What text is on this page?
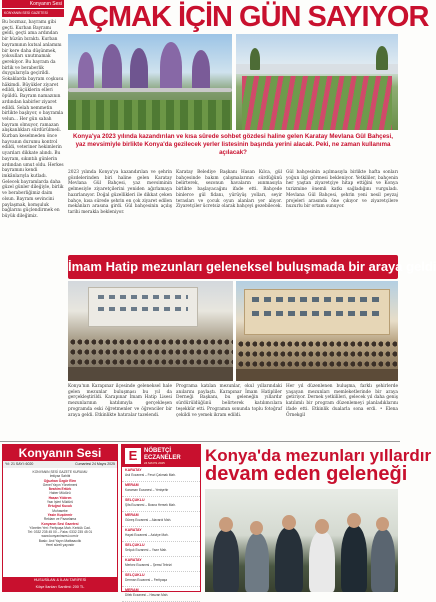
Konyanın Sesi
KONYANIN SESİ GAZETESİ
Bu bozmaz, bayramı gibi geçti. Kurban Bayramı geldi, geçti ama ardından bir hüzün bıraktı. Kurban bayramının kutsal anlamını bir kere daha düşünmek, yoksulları unutmamak gerekiyor. Bu bayram da birlik ve beraberlik duygularıyla geçirildi. Sokaklarda bayram coşkusu hâkimdi. Büyükler ziyaret edildi, küçüklerin elleri öpüldü. Bayram namazının ardından kabirler ziyaret edildi. Selah nemmetin birlikte başlıyor, o bayramla velun... Her gün sabah bayram olmuyor, ramazan alışkanlıkları sürdürülmeli. Kurban keselmeden önce hayvanın durumu kontrol edildi, veteriner hekimlerin uyarıları dikkate alındı. Bu bayram, sıkıntılı günlerin ardından umut oldu. Herkes bayramını kendi imkânlarıyla kutladı. Gelecek bayramlarda daha güzel günler dileğiyle, birlik ve beraberliğimiz daim olsun. Bayram sevincini paylaşmak, komşuluk bağlarını güçlendirmek en büyük dileğimiz.
AÇMAK İÇİN GÜN SAYIYOR
Konya'ya 2023 yılında kazandırılan ve kısa sürede sohbet gözdesi haline gelen Karatay Mevlana Gül Bahçesi, yaz mevsimiyle birlikte Konya'da gezilecek yerler listesinin başında yerini alacak. Peki, ne zaman kullanıma açılacak?
2023 yılında Konya'ya kazandırılan ve şehrin gözdelerinden biri haline gelen Karatay Mevlana Gül Bahçesi, yaz mevsiminin gelmesiyle ziyaretçilerini yeniden ağırlamaya hazırlanıyor. Doğal güzellikleri ile dikkat çeken bahçe, kısa sürede şehrin en çok ziyaret edilen mekânları arasına girdi. Gül bahçesinin açılış tarihi merakla bekleniyor.
Karatay Belediye Başkanı Hasan Kılca, gül bahçesinde bakım çalışmalarının sürdüğünü belirterek, sezonun havaların ısınmasıyla birlikte başlayacağını ifade etti. Bahçede binlerce gül fidanı, yürüyüş yolları, seyir terasları ve çocuk oyun alanları yer alıyor. Ziyaretçiler ücretsiz olarak bahçeyi gezebilecek.
Gül bahçesinin açılmasıyla birlikte hafta sonları yoğun ilgi görmesi bekleniyor. Yetkililer, bahçenin her yaştan ziyaretçiye hitap ettiğini ve Konya turizmine önemli katkı sağladığını vurguladı. Mevlana Gül Bahçesi, şehrin yeni nesil peyzaj projeleri arasında öne çıkıyor ve ziyaretçilere huzurlu bir ortam sunuyor.
İmam Hatip mezunları geleneksel buluşmada bir araya geldi
Konya'nın Karapınar ilçesinde geleneksel hale gelen mezunlar buluşması bu yıl da gerçekleştirildi. Karapınar İmam Hatip Lisesi mezunlarının katılımıyla gerçekleşen programda eski öğretmenler ve öğrenciler bir araya geldi. Etkinlikte hatıralar tazelendi.
Programa katılan mezunlar, okul yıllarındaki anılarını paylaştı. Karapınar İmam Hatipliler Derneği Başkanı, bu geleneğin yıllardır sürdürüldüğünü belirterek katılımcılara teşekkür etti. Programın sonunda toplu fotoğraf çekildi ve yemek ikram edildi.
Her yıl düzenlenen buluşma, farklı şehirlerde yaşayan mezunları memleketlerinde bir araya getiriyor. Dernek yetkilileri, gelecek yıl daha geniş katılımlı bir program düzenlemeyi planladıklarını ifade etti. Etkinlik dualarla sona erdi. • Elena Örnekgil
Konyanın Sesi
Yıl: 21 SAYI: 6020	Cumartesi 24 Mayıs 2025
KONYANIN SESİ GAZETE KURUMU
İmtiyaz Sahibi
Oğuzhan Özgür Elen
Genel Yayın Yönetmeni
İbrahim Ertürk
Haber Müdürü
Hasan Yıldırım
Yazı İşleri Müdürü
Ertuğrul Kucuk
Muhasebe
Yasin Kuşdemir
Reklam ve Pazarlama
Konyanın Sesi Gazetesi
Yönetim Yeri: Feritpaşa Mah. Kerkük Cad.
Tel: 0332 235 45 00 – Faks: 0332 235 45 01
www.konyaninsesi.com.tr
Baskı: Anıl Yayın Matbaacılık
Yerel süreli yayındır
HUSUSİLAN & İLAN TARİFESİ
Köşe İlanları Santimi: 200 TL
E	NÖBETÇİ ECZANELER
24 MAYIS 2025
KARATAY
Aslı Eczanesi – Fevzi Çakmak Mah.
MERAM
Karaman Eczanesi – Yenişehir
SELÇUKLU
Şifa Eczanesi – Bosna Hersek Mah.
MERAM
Güneş Eczanesi – Alavardı Mah.
KARATAY
Hayat Eczanesi – Aziziye Mah.
SELÇUKLU
Selçuk Eczanesi – Yazır Mah.
KARATAY
Merkez Eczanesi – Şemsi Tebrizi
SELÇUKLU
Derman Eczanesi – Feritpaşa
MERAM
Dilek Eczanesi – Havzan Mah.
Konya'da mezunları yıllardır
devam eden geleneği
